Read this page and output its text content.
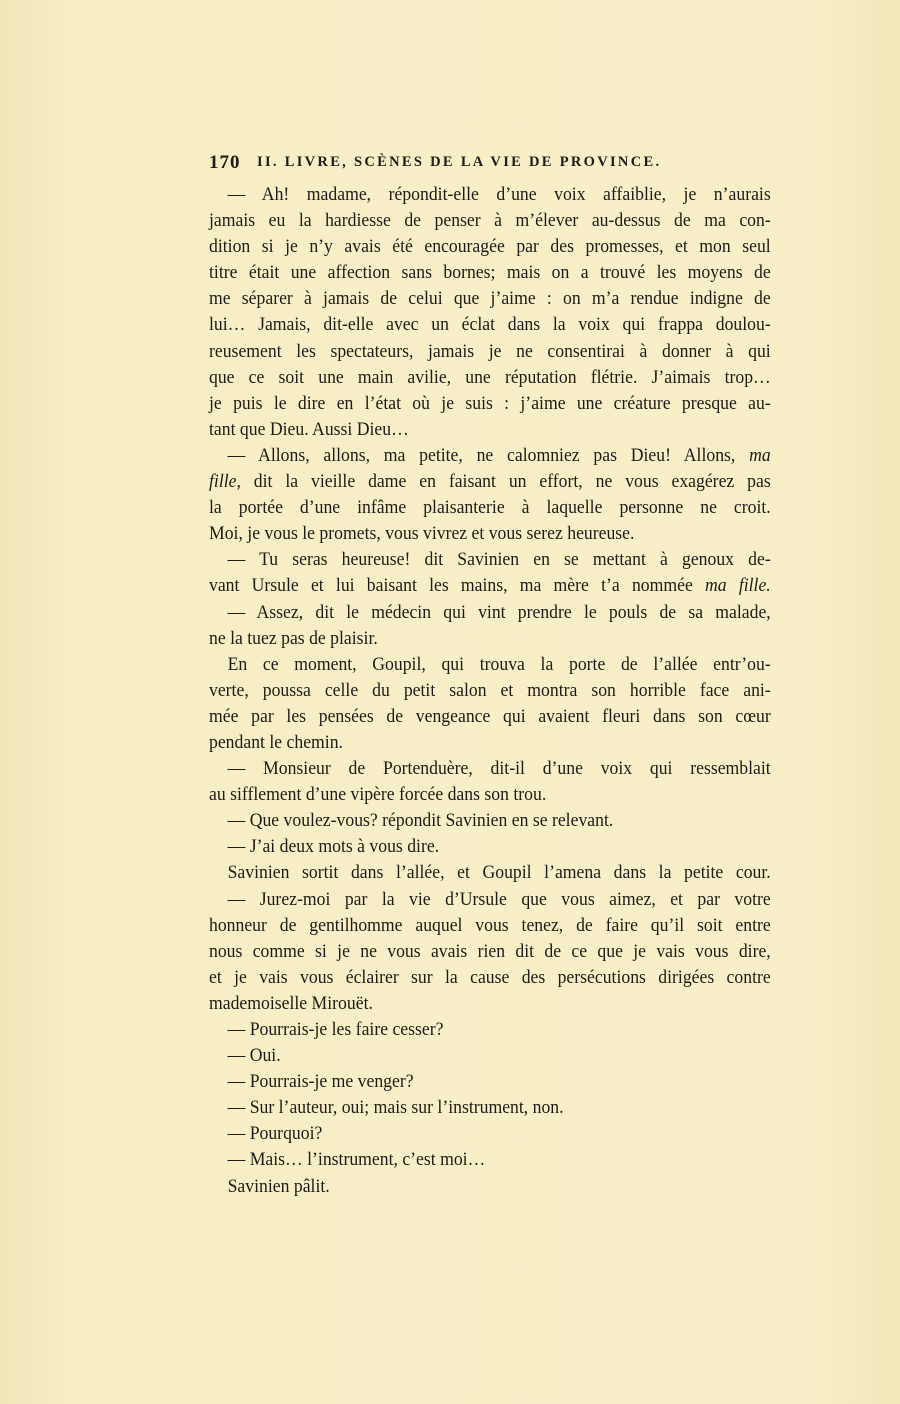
170 II. LIVRE, SCÈNES DE LA VIE DE PROVINCE.
— Ah! madame, répondit-elle d’une voix affaiblie, je n’aurais
jamais eu la hardiesse de penser à m’élever au-dessus de ma con-
dition si je n’y avais été encouragée par des promesses, et mon seul
titre était une affection sans bornes; mais on a trouvé les moyens de
me séparer à jamais de celui que j’aime : on m’a rendue indigne de
lui… Jamais, dit-elle avec un éclat dans la voix qui frappa doulou-
reusement les spectateurs, jamais je ne consentirai à donner à qui
que ce soit une main avilie, une réputation flétrie. J’aimais trop…
je puis le dire en l’état où je suis : j’aime une créature presque au-
tant que Dieu. Aussi Dieu…
— Allons, allons, ma petite, ne calomniez pas Dieu! Allons, ma
fille, dit la vieille dame en faisant un effort, ne vous exagérez pas
la portée d’une infâme plaisanterie à laquelle personne ne croit.
Moi, je vous le promets, vous vivrez et vous serez heureuse.
— Tu seras heureuse! dit Savinien en se mettant à genoux de-
vant Ursule et lui baisant les mains, ma mère t’a nommée ma fille.
— Assez, dit le médecin qui vint prendre le pouls de sa malade,
ne la tuez pas de plaisir.
En ce moment, Goupil, qui trouva la porte de l’allée entr’ou-
verte, poussa celle du petit salon et montra son horrible face ani-
mée par les pensées de vengeance qui avaient fleuri dans son cœur
pendant le chemin.
— Monsieur de Portenduère, dit-il d’une voix qui ressemblait
au sifflement d’une vipère forcée dans son trou.
— Que voulez-vous? répondit Savinien en se relevant.
— J’ai deux mots à vous dire.
Savinien sortit dans l’allée, et Goupil l’amena dans la petite cour.
— Jurez-moi par la vie d’Ursule que vous aimez, et par votre
honneur de gentilhomme auquel vous tenez, de faire qu’il soit entre
nous comme si je ne vous avais rien dit de ce que je vais vous dire,
et je vais vous éclairer sur la cause des persécutions dirigées contre
mademoiselle Mirouët.
— Pourrais-je les faire cesser?
— Oui.
— Pourrais-je me venger?
— Sur l’auteur, oui; mais sur l’instrument, non.
— Pourquoi?
— Mais… l’instrument, c’est moi…
Savinien pâlit.
